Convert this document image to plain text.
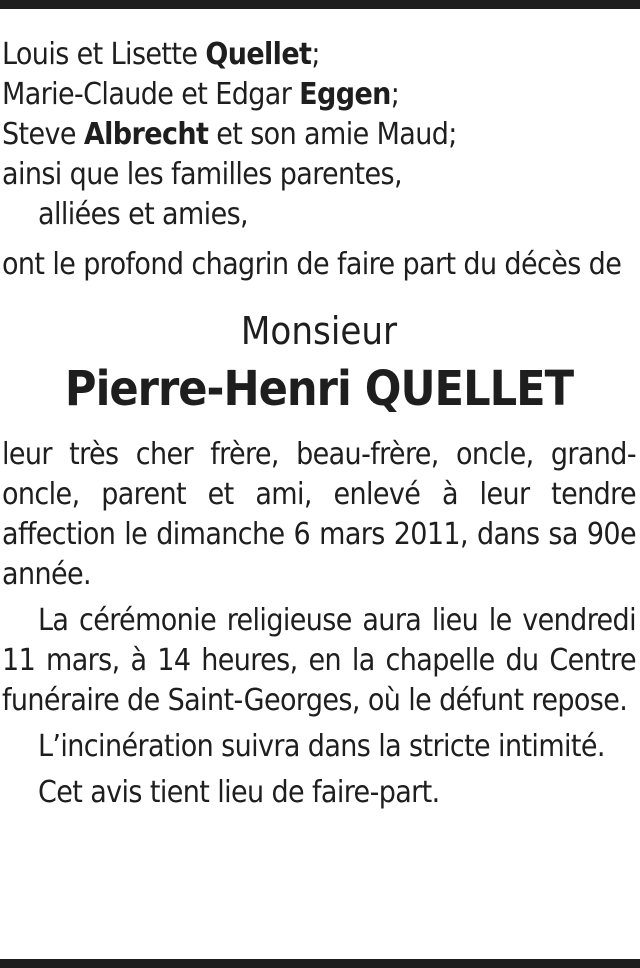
Louis et Lisette Quellet;

Marie-Claude et Edgar Eggen;

Steve Albrecht et son amie Maud;

ainsi que les familles parentes,

alliées et amies,

ont le profond chagrin de faire part du décès de

Monsieur

Pierre-Henri QUELLET

leur très cher frère, beau-frère, oncle, grand-oncle, parent et ami, enlevé à leur tendre affection le dimanche 6 mars 2011, dans sa 90e année.

La cérémonie religieuse aura lieu le vendredi 11 mars, à 14 heures, en la chapelle du Centre funéraire de Saint-Georges, où le défunt repose.

L’incinération suivra dans la stricte intimité.

Cet avis tient lieu de faire-part.
